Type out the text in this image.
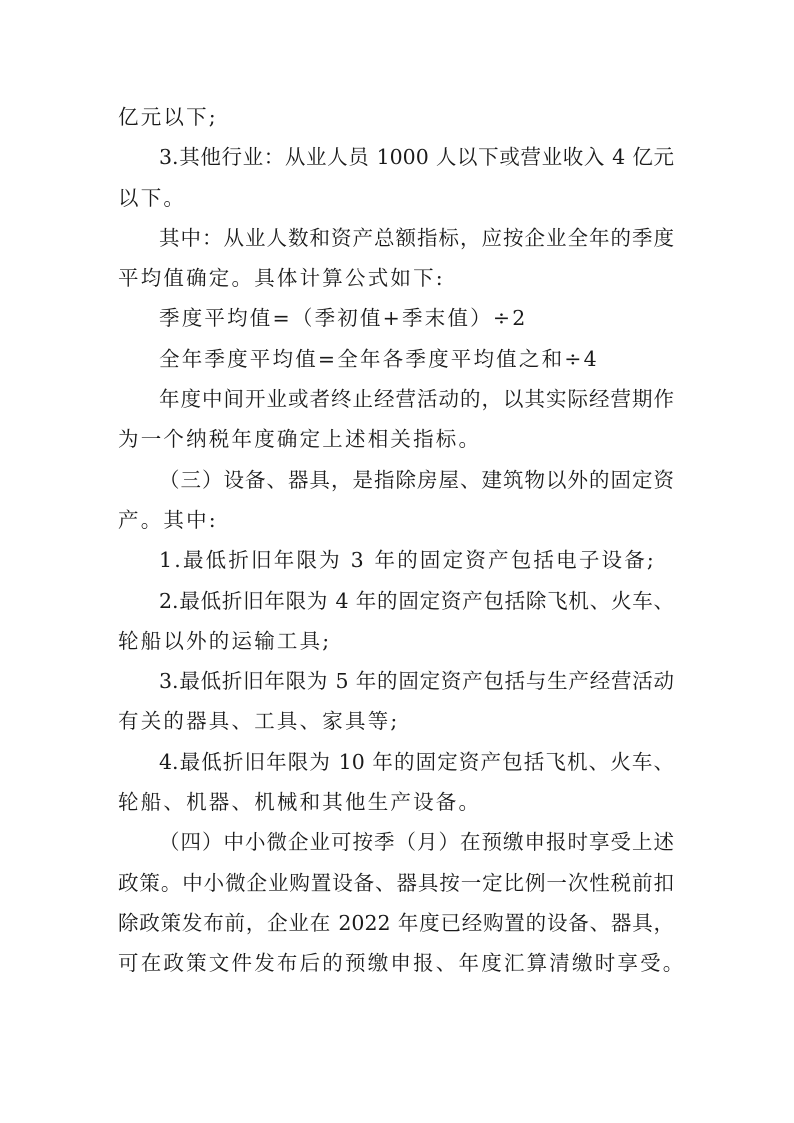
亿元以下;
3.其他行业：从业人员 1000 人以下或营业收入 4 亿元
以下。
其中：从业人数和资产总额指标，应按企业全年的季度
平均值确定。具体计算公式如下:
季度平均值=（季初值+季末值）÷2
全年季度平均值=全年各季度平均值之和÷4
年度中间开业或者终止经营活动的，以其实际经营期作
为一个纳税年度确定上述相关指标。
（三）设备、器具，是指除房屋、建筑物以外的固定资
产。其中:
1.最低折旧年限为 3 年的固定资产包括电子设备;
2.最低折旧年限为 4 年的固定资产包括除飞机、火车、
轮船以外的运输工具;
3.最低折旧年限为 5 年的固定资产包括与生产经营活动
有关的器具、工具、家具等;
4.最低折旧年限为 10 年的固定资产包括飞机、火车、
轮船、机器、机械和其他生产设备。
（四）中小微企业可按季（月）在预缴申报时享受上述
政策。中小微企业购置设备、器具按一定比例一次性税前扣
除政策发布前，企业在 2022 年度已经购置的设备、器具，
可在政策文件发布后的预缴申报、年度汇算清缴时享受。
